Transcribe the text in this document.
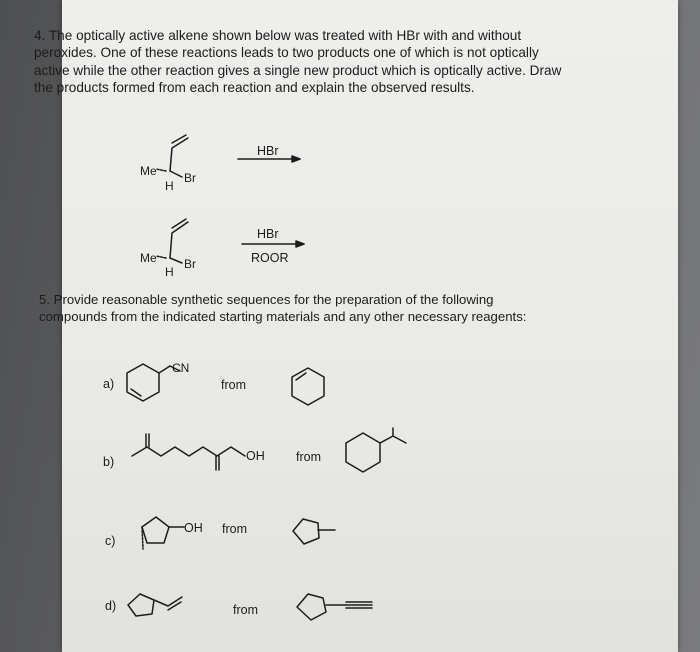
4. The optically active alkene shown below was treated with HBr with and without peroxides. One of these reactions leads to two products one of which is not optically active while the other reaction gives a single new product which is optically active. Draw the products formed from each reaction and explain the observed results.

Me
H
Br
HBr
Me
H
Br
HBr
ROOR
a)
CN
from
b)	OH	from
c)
OH from
d)	from

5. Provide reasonable synthetic sequences for the preparation of the following compounds from the indicated starting materials and any other necessary reagents:
